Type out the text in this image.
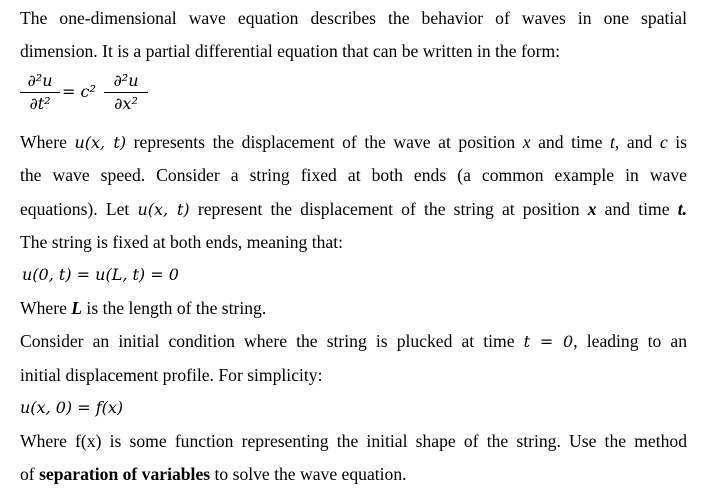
The one-dimensional wave equation describes the behavior of waves in one spatial
dimension. It is a partial differential equation that can be written in the form:
$\frac{\text{∂²u}}{\text{∂t²}} = c^2 \frac{\text{∂²u}}{\text{∂x²}}$
Where u(x, t) represents the displacement of the wave at position x and time t, and c is
the wave speed. Consider a string fixed at both ends (a common example in wave
equations). Let u(x, t) represent the displacement of the string at position x and time t.
The string is fixed at both ends, meaning that:
u(0, t) = u(L, t) = 0
Where L is the length of the string.
Consider an initial condition where the string is plucked at time t = 0, leading to an
initial displacement profile. For simplicity:
u(x, 0) = f(x)
Where f(x) is some function representing the initial shape of the string. Use the method
of separation of variables to solve the wave equation.
